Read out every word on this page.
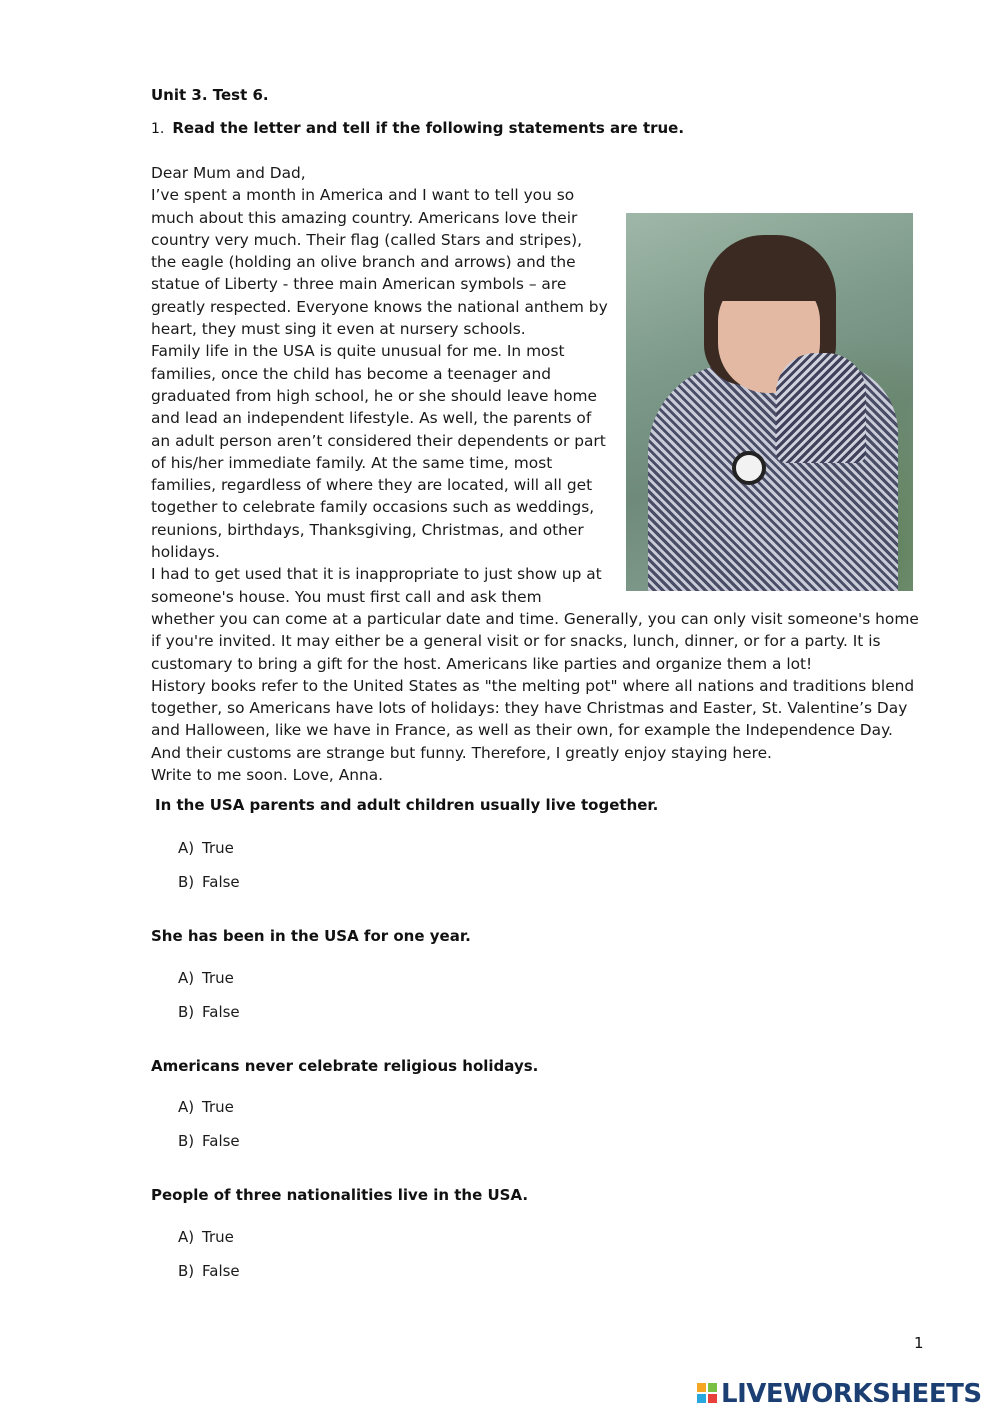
Unit 3. Test 6.
1. Read the letter and tell if the following statements are true.

Dear Mum and Dad,

I’ve spent a month in America and I want to tell you so much about this amazing country. Americans love their country very much. Their flag (called Stars and stripes), the eagle (holding an olive branch and arrows) and the statue of Liberty - three main American symbols – are greatly respected. Everyone knows the national anthem by heart, they must sing it even at nursery schools.

Family life in the USA is quite unusual for me. In most families, once the child has become a teenager and graduated from high school, he or she should leave home and lead an independent lifestyle. As well, the parents of an adult person aren’t considered their dependents or part of his/her immediate family. At the same time, most families, regardless of where they are located, will all get together to celebrate family occasions such as weddings, reunions, birthdays, Thanksgiving, Christmas, and other holidays.

I had to get used that it is inappropriate to just show up at someone's house. You must first call and ask them whether you can come at a particular date and time. Generally, you can only visit someone's home if you're invited. It may either be a general visit or for snacks, lunch, dinner, or for a party. It is customary to bring a gift for the host. Americans like parties and organize them a lot!

History books refer to the United States as "the melting pot" where all nations and traditions blend together, so Americans have lots of holidays: they have Christmas and Easter, St. Valentine’s Day and Halloween, like we have in France, as well as their own, for example the Independence Day. And their customs are strange but funny. Therefore, I greatly enjoy staying here.

Write to me soon. Love, Anna.

In the USA parents and adult children usually live together.
A) True
B) False
She has been in the USA for one year.
A) True
B) False
Americans never celebrate religious holidays.
A) True
B) False
People of three nationalities live in the USA.
A) True
B) False
1
LIVEWORKSHEETS
